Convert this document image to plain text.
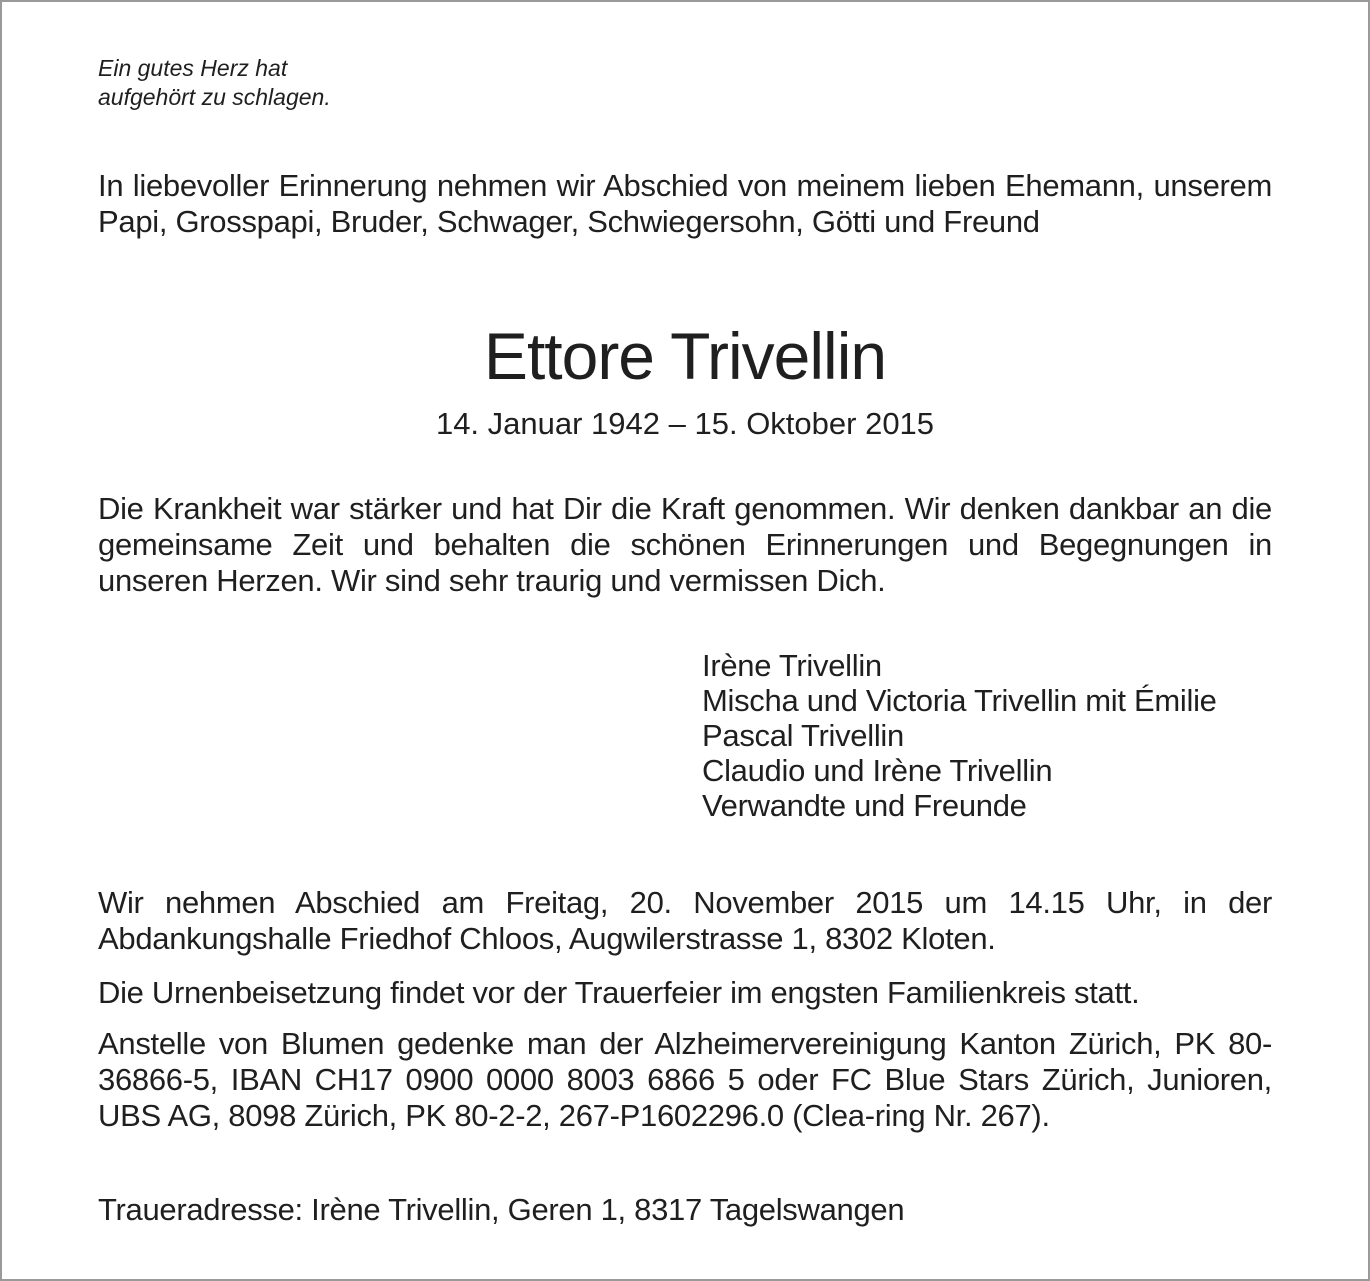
Ein gutes Herz hat
aufgehört zu schlagen.
In liebevoller Erinnerung nehmen wir Abschied von meinem lieben Ehemann, unserem Papi, Grosspapi, Bruder, Schwager, Schwiegersohn, Götti und Freund
Ettore Trivellin
14. Januar 1942 – 15. Oktober 2015
Die Krankheit war stärker und hat Dir die Kraft genommen. Wir denken dankbar an die gemeinsame Zeit und behalten die schönen Erinnerungen und Begegnungen in unseren Herzen. Wir sind sehr traurig und vermissen Dich.
Irène Trivellin
Mischa und Victoria Trivellin mit Émilie
Pascal Trivellin
Claudio und Irène Trivellin
Verwandte und Freunde
Wir nehmen Abschied am Freitag, 20. November 2015 um 14.15 Uhr, in der Abdankungshalle Friedhof Chloos, Augwilerstrasse 1, 8302 Kloten.
Die Urnenbeisetzung findet vor der Trauerfeier im engsten Familienkreis statt.
Anstelle von Blumen gedenke man der Alzheimervereinigung Kanton Zürich, PK 80-36866-5, IBAN CH17 0900 0000 8003 6866 5 oder FC Blue Stars Zürich, Junioren, UBS AG, 8098 Zürich, PK 80-2-2, 267-P1602296.0 (Clea-ring Nr. 267).
Traueradresse: Irène Trivellin, Geren 1, 8317 Tagelswangen
